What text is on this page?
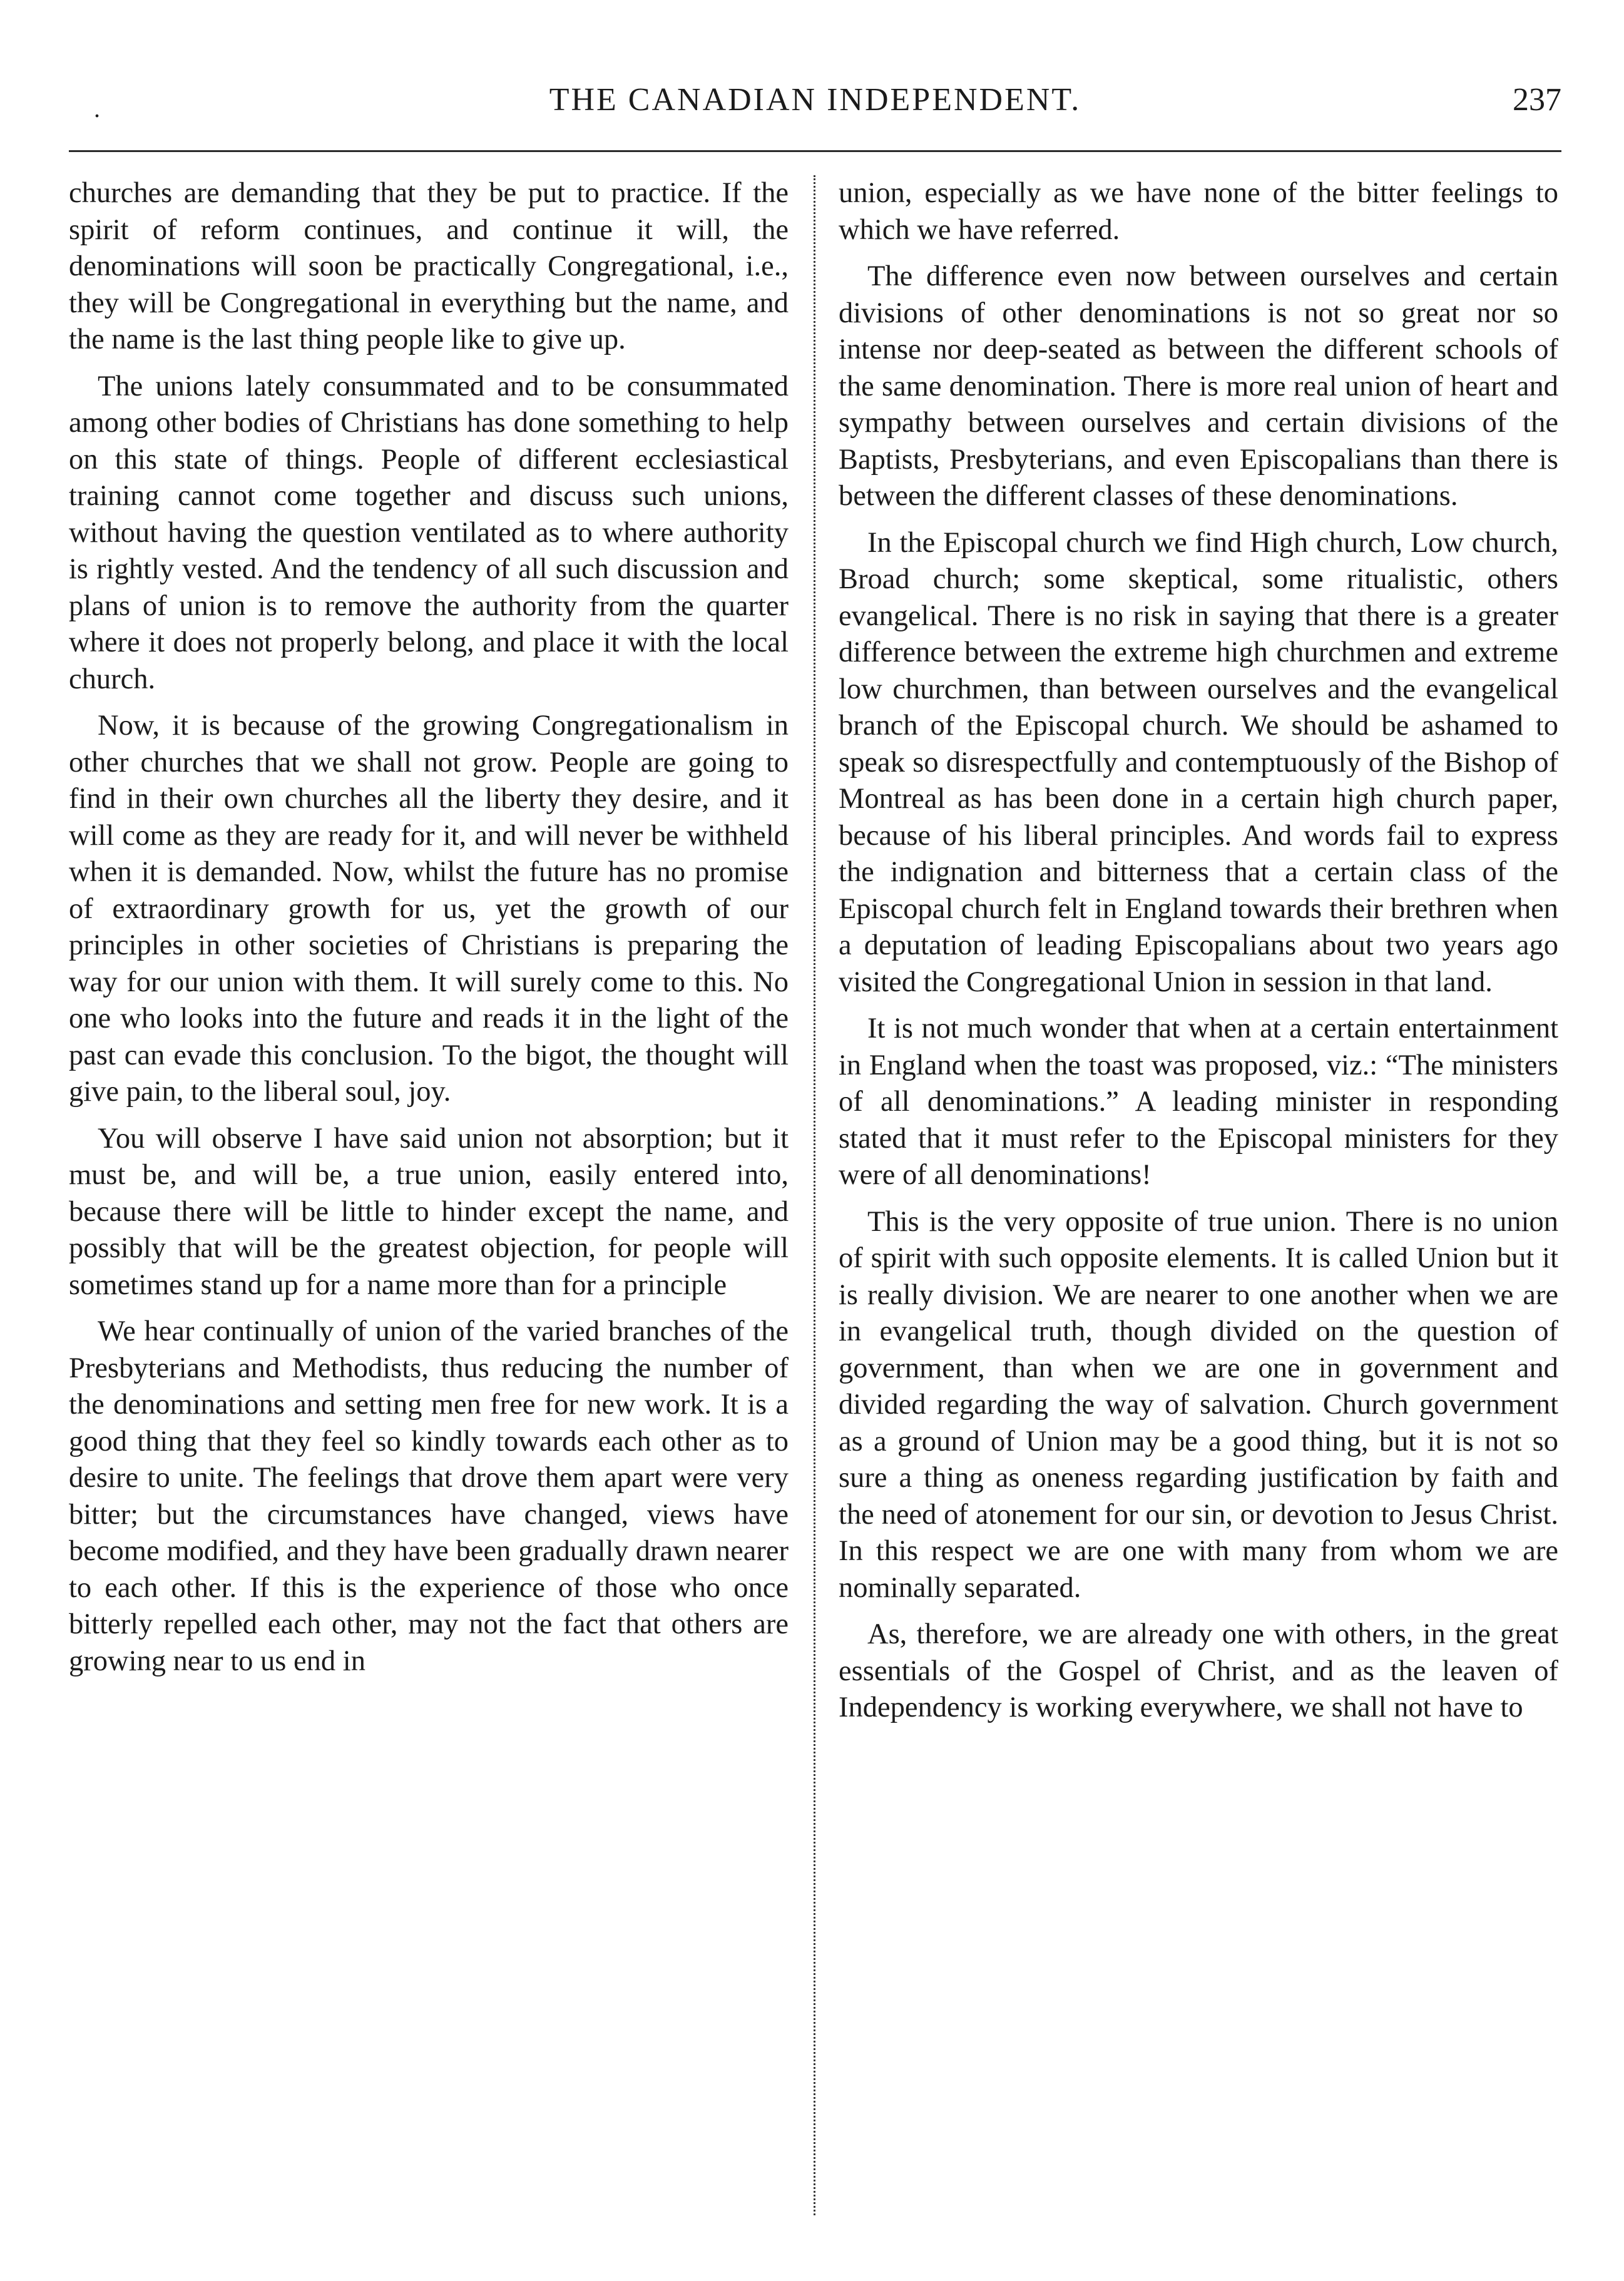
.	THE CANADIAN INDEPENDENT.	237

churches are demanding that they be put to practice. If the spirit of reform continues, and continue it will, the denominations will soon be practically Congregational, i.e., they will be Congregational in everything but the name, and the name is the last thing people like to give up.

The unions lately consummated and to be consummated among other bodies of Christians has done something to help on this state of things. People of different ecclesiastical training cannot come together and discuss such unions, without having the question ventilated as to where authority is rightly vested. And the tendency of all such discussion and plans of union is to remove the authority from the quarter where it does not properly belong, and place it with the local church.

Now, it is because of the growing Congregationalism in other churches that we shall not grow. People are going to find in their own churches all the liberty they desire, and it will come as they are ready for it, and will never be withheld when it is demanded. Now, whilst the future has no promise of extraordinary growth for us, yet the growth of our principles in other societies of Christians is preparing the way for our union with them. It will surely come to this. No one who looks into the future and reads it in the light of the past can evade this conclusion. To the bigot, the thought will give pain, to the liberal soul, joy.

You will observe I have said union not absorption; but it must be, and will be, a true union, easily entered into, because there will be little to hinder except the name, and possibly that will be the greatest objection, for people will sometimes stand up for a name more than for a principle

We hear continually of union of the varied branches of the Presbyterians and Methodists, thus reducing the number of the denominations and setting men free for new work. It is a good thing that they feel so kindly towards each other as to desire to unite. The feelings that drove them apart were very bitter; but the circumstances have changed, views have become modified, and they have been gradually drawn nearer to each other. If this is the experience of those who once bitterly repelled each other, may not the fact that others are growing near to us end in

union, especially as we have none of the bitter feelings to which we have referred.

The difference even now between ourselves and certain divisions of other denominations is not so great nor so intense nor deep-seated as between the different schools of the same denomination. There is more real union of heart and sympathy between ourselves and certain divisions of the Baptists, Presbyterians, and even Episcopalians than there is between the different classes of these denominations.

In the Episcopal church we find High church, Low church, Broad church; some skeptical, some ritualistic, others evangelical. There is no risk in saying that there is a greater difference between the extreme high churchmen and extreme low churchmen, than between ourselves and the evangelical branch of the Episcopal church. We should be ashamed to speak so disrespectfully and contemptuously of the Bishop of Montreal as has been done in a certain high church paper, because of his liberal principles. And words fail to express the indignation and bitterness that a certain class of the Episcopal church felt in England towards their brethren when a deputation of leading Episcopalians about two years ago visited the Congregational Union in session in that land.

It is not much wonder that when at a certain entertainment in England when the toast was proposed, viz.: “The ministers of all denominations.” A leading minister in responding stated that it must refer to the Episcopal ministers for they were of all denominations!

This is the very opposite of true union. There is no union of spirit with such opposite elements. It is called Union but it is really division. We are nearer to one another when we are in evangelical truth, though divided on the question of government, than when we are one in government and divided regarding the way of salvation. Church government as a ground of Union may be a good thing, but it is not so sure a thing as oneness regarding justification by faith and the need of atonement for our sin, or devotion to Jesus Christ. In this respect we are one with many from whom we are nominally separated.

As, therefore, we are already one with others, in the great essentials of the Gospel of Christ, and as the leaven of Independency is working everywhere, we shall not have to
